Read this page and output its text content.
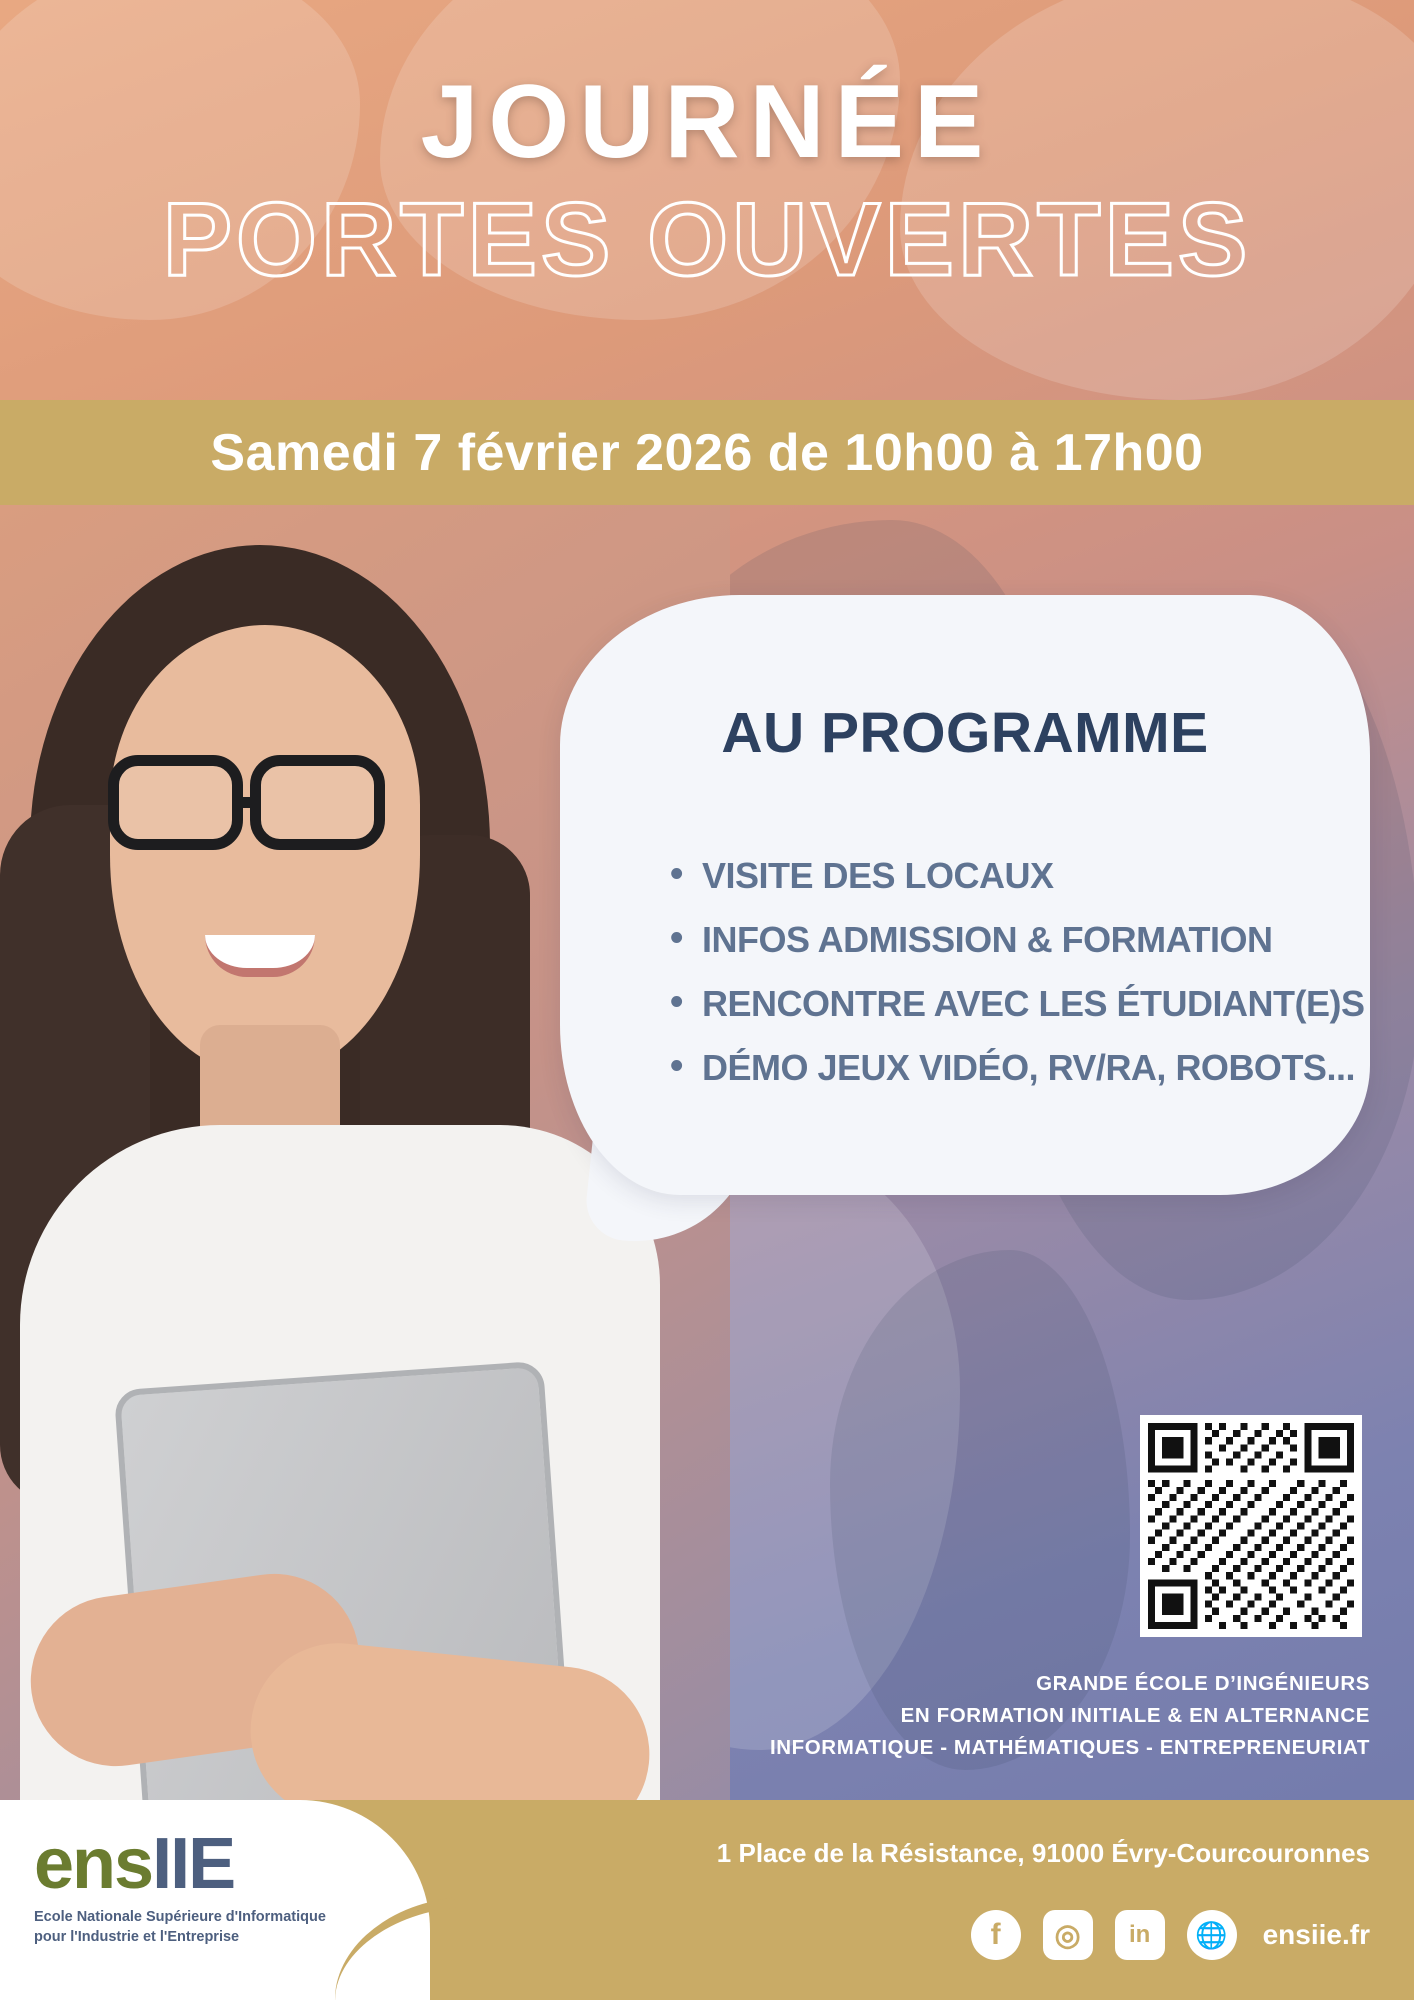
JOURNÉE
PORTES OUVERTES
Samedi 7 février 2026 de 10h00 à 17h00
AU PROGRAMME
• VISITE DES LOCAUX
• INFOS ADMISSION & FORMATION
• RENCONTRE AVEC LES ÉTUDIANT(E)S
• DÉMO JEUX VIDÉO, RV/RA, ROBOTS...
GRANDE ÉCOLE D’INGÉNIEURS
EN FORMATION INITIALE & EN ALTERNANCE
INFORMATIQUE - MATHÉMATIQUES - ENTREPRENEURIAT
ensIIE
Ecole Nationale Supérieure d'Informatique
pour l'Industrie et l'Entreprise
1 Place de la Résistance, 91000 Évry-Courcouronnes
f	◎	in	🌐	ensiie.fr
